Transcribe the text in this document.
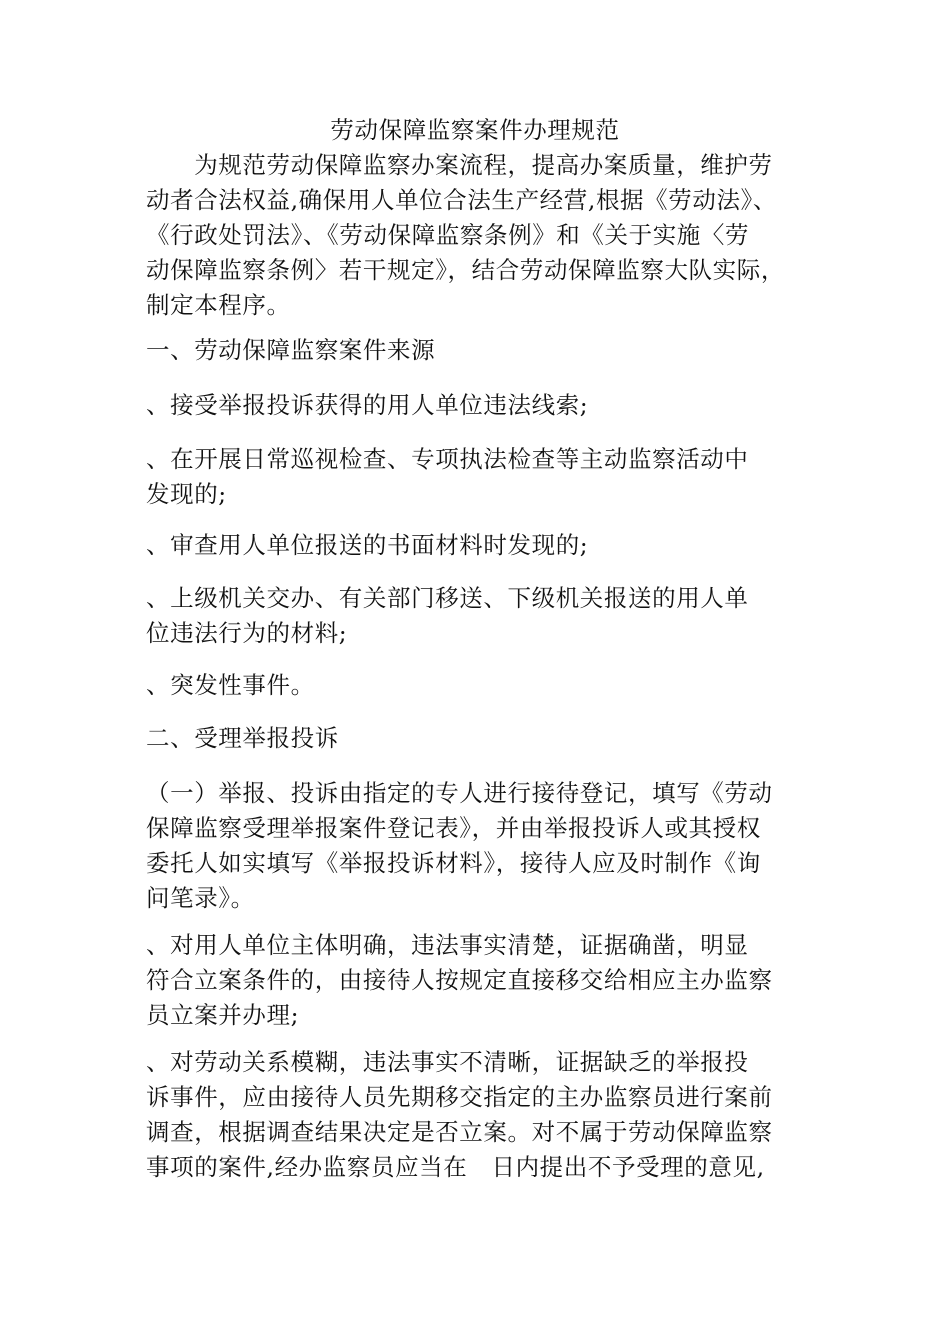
劳动保障监察案件办理规范

　　为规范劳动保障监察办案流程，提高办案质量，维护劳
动者合法权益,确保用人单位合法生产经营,根据《劳动法》、
《行政处罚法》、《劳动保障监察条例》和《关于实施〈劳
动保障监察条例〉若干规定》，结合劳动保障监察大队实际，
制定本程序。

一、劳动保障监察案件来源

、接受举报投诉获得的用人单位违法线索;

、在开展日常巡视检查、专项执法检查等主动监察活动中
发现的;

、审查用人单位报送的书面材料时发现的;

、上级机关交办、有关部门移送、下级机关报送的用人单
位违法行为的材料;

、突发性事件。

二、受理举报投诉

（一）举报、投诉由指定的专人进行接待登记，填写《劳动
保障监察受理举报案件登记表》，并由举报投诉人或其授权
委托人如实填写《举报投诉材料》，接待人应及时制作《询
问笔录》。

、对用人单位主体明确，违法事实清楚，证据确凿，明显
符合立案条件的，由接待人按规定直接移交给相应主办监察
员立案并办理;

、对劳动关系模糊，违法事实不清晰，证据缺乏的举报投
诉事件，应由接待人员先期移交指定的主办监察员进行案前
调查，根据调查结果决定是否立案。对不属于劳动保障监察
事项的案件,经办监察员应当在　日内提出不予受理的意见,
